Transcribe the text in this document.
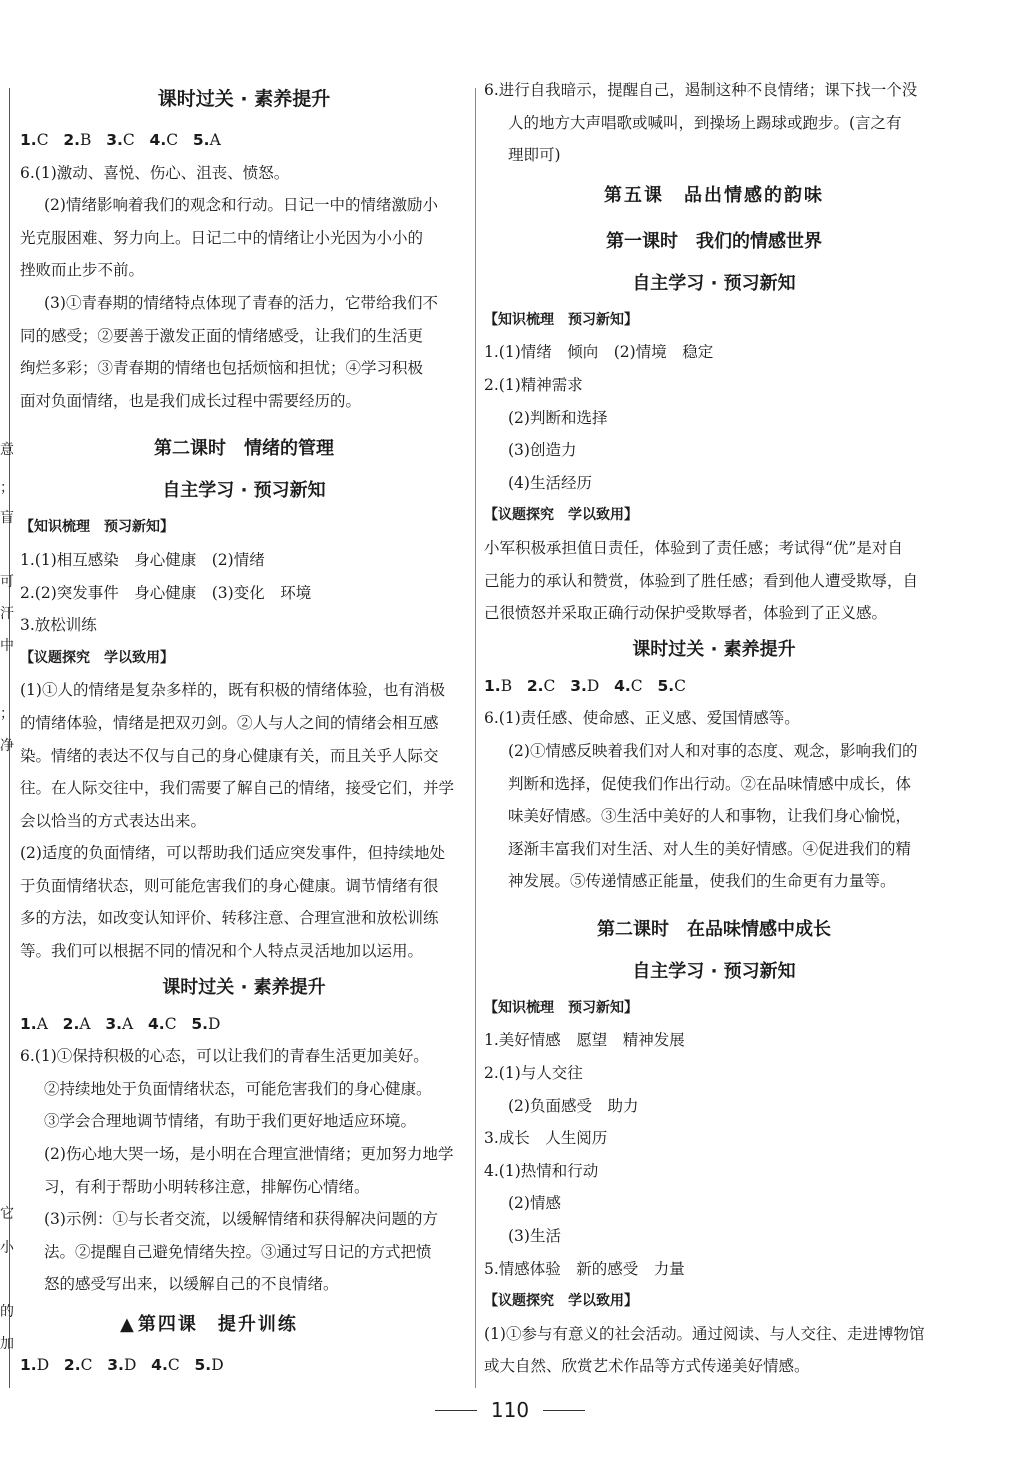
意
；
盲
可
汗
中
；
净
它
小
的
加
课时过关 · 素养提升
1.C 2.B 3.C 4.C 5.A
6.(1)激动、喜悦、伤心、沮丧、愤怒。
(2)情绪影响着我们的观念和行动。日记一中的情绪激励小
光克服困难、努力向上。日记二中的情绪让小光因为小小的
挫败而止步不前。
(3)①青春期的情绪特点体现了青春的活力，它带给我们不
同的感受；②要善于激发正面的情绪感受，让我们的生活更
绚烂多彩；③青春期的情绪也包括烦恼和担忧；④学习积极
面对负面情绪，也是我们成长过程中需要经历的。
第二课时　情绪的管理
自主学习 · 预习新知
【知识梳理　预习新知】
1.(1)相互感染　身心健康　(2)情绪
2.(2)突发事件　身心健康　(3)变化　环境
3.放松训练
【议题探究　学以致用】
(1)①人的情绪是复杂多样的，既有积极的情绪体验，也有消极
的情绪体验，情绪是把双刃剑。②人与人之间的情绪会相互感
染。情绪的表达不仅与自己的身心健康有关，而且关乎人际交
往。在人际交往中，我们需要了解自己的情绪，接受它们，并学
会以恰当的方式表达出来。
(2)适度的负面情绪，可以帮助我们适应突发事件，但持续地处
于负面情绪状态，则可能危害我们的身心健康。调节情绪有很
多的方法，如改变认知评价、转移注意、合理宣泄和放松训练
等。我们可以根据不同的情况和个人特点灵活地加以运用。
课时过关 · 素养提升
1.A 2.A 3.A 4.C 5.D
6.(1)①保持积极的心态，可以让我们的青春生活更加美好。
②持续地处于负面情绪状态，可能危害我们的身心健康。
③学会合理地调节情绪，有助于我们更好地适应环境。
(2)伤心地大哭一场，是小明在合理宣泄情绪；更加努力地学
习，有利于帮助小明转移注意，排解伤心情绪。
(3)示例：①与长者交流，以缓解情绪和获得解决问题的方
法。②提醒自己避免情绪失控。③通过写日记的方式把愤
怒的感受写出来，以缓解自己的不良情绪。
▲ 第四课　提升训练
1.D 2.C 3.D 4.C 5.D
6.进行自我暗示，提醒自己，遏制这种不良情绪；课下找一个没
人的地方大声唱歌或喊叫，到操场上踢球或跑步。(言之有
理即可)
第五课　品出情感的韵味
第一课时　我们的情感世界
自主学习 · 预习新知
【知识梳理　预习新知】
1.(1)情绪　倾向　(2)情境　稳定
2.(1)精神需求
(2)判断和选择
(3)创造力
(4)生活经历
【议题探究　学以致用】
小军积极承担值日责任，体验到了责任感；考试得“优”是对自
己能力的承认和赞赏，体验到了胜任感；看到他人遭受欺辱，自
己很愤怒并采取正确行动保护受欺辱者，体验到了正义感。
课时过关 · 素养提升
1.B 2.C 3.D 4.C 5.C
6.(1)责任感、使命感、正义感、爱国情感等。
(2)①情感反映着我们对人和对事的态度、观念，影响我们的
判断和选择，促使我们作出行动。②在品味情感中成长，体
味美好情感。③生活中美好的人和事物，让我们身心愉悦，
逐渐丰富我们对生活、对人生的美好情感。④促进我们的精
神发展。⑤传递情感正能量，使我们的生命更有力量等。
第二课时　在品味情感中成长
自主学习 · 预习新知
【知识梳理　预习新知】
1.美好情感　愿望　精神发展
2.(1)与人交往
(2)负面感受　助力
3.成长　人生阅历
4.(1)热情和行动
(2)情感
(3)生活
5.情感体验　新的感受　力量
【议题探究　学以致用】
(1)①参与有意义的社会活动。通过阅读、与人交往、走进博物馆
或大自然、欣赏艺术作品等方式传递美好情感。
110
